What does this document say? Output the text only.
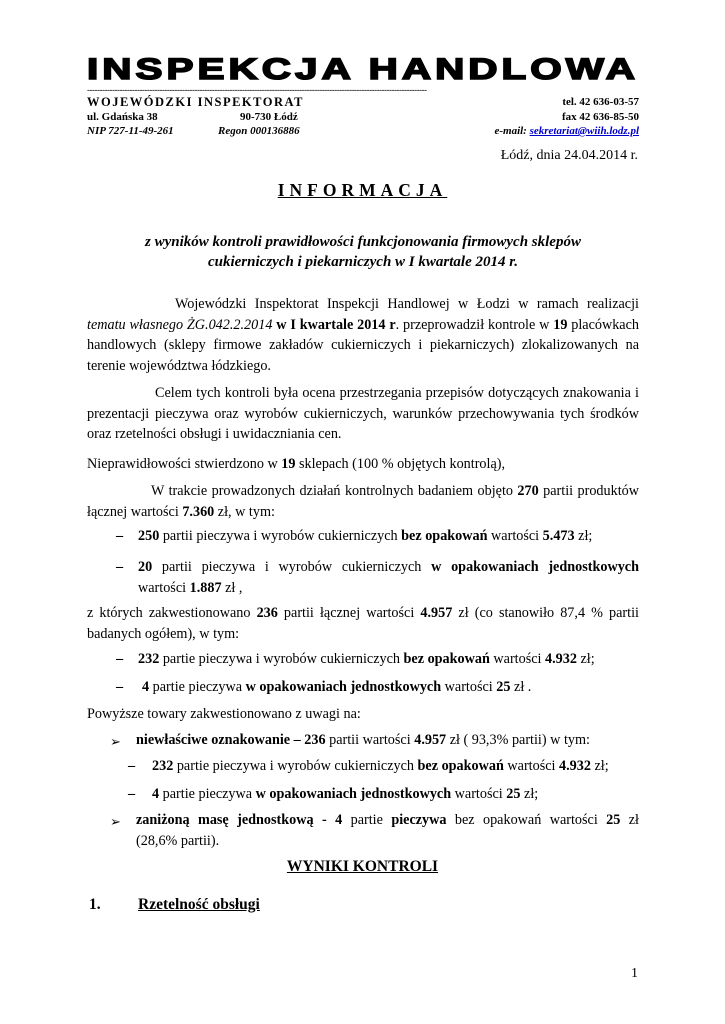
INSPEKCJA HANDLOWA
----------------------------------------------------------------------------------------------------------------------------------------
WOJEWÓDZKI INSPEKTORAT
ul. Gdańska 38	90-730 Łódź
NIP 727-11-49-261	Regon 000136886
tel. 42 636-03-57
fax 42 636-85-50
e-mail: sekretariat@wiih.lodz.pl
Łódź, dnia 24.04.2014 r.
INFORMACJA
z wyników kontroli prawidłowości funkcjonowania firmowych sklepów
cukierniczych i piekarniczych w I kwartale 2014 r.
Wojewódzki Inspektorat Inspekcji Handlowej w Łodzi w ramach realizacji tematu własnego ŻG.042.2.2014 w I kwartale 2014 r. przeprowadził kontrole w 19 placówkach handlowych (sklepy firmowe zakładów cukierniczych i piekarniczych) zlokalizowanych na terenie województwa łódzkiego.
Celem tych kontroli była ocena przestrzegania przepisów dotyczących znakowania i prezentacji pieczywa oraz wyrobów cukierniczych, warunków przechowywania tych środków oraz rzetelności obsługi i uwidaczniania cen.
Nieprawidłowości stwierdzono w 19 sklepach (100 % objętych kontrolą),
W trakcie prowadzonych działań kontrolnych badaniem objęto 270 partii produktów łącznej wartości 7.360 zł, w tym:
–	250 partii pieczywa i wyrobów cukierniczych bez opakowań wartości 5.473 zł;
–	20 partii pieczywa i wyrobów cukierniczych w opakowaniach jednostkowych
wartości 1.887 zł ,
z których zakwestionowano 236 partii łącznej wartości 4.957 zł (co stanowiło 87,4 % partii badanych ogółem), w tym:
–	232 partie pieczywa i wyrobów cukierniczych bez opakowań wartości 4.932 zł;
–	4 partie pieczywa w opakowaniach jednostkowych wartości 25 zł .
Powyższe towary zakwestionowano z uwagi na:
➢	niewłaściwe oznakowanie – 236 partii wartości 4.957 zł ( 93,3% partii) w tym:
–	232 partie pieczywa i wyrobów cukierniczych bez opakowań wartości 4.932 zł;
–	4 partie pieczywa w opakowaniach jednostkowych wartości 25 zł;
➢	zaniżoną masę jednostkową - 4 partie pieczywa bez opakowań wartości 25 zł
(28,6% partii).
WYNIKI KONTROLI
1. Rzetelność obsługi
1
